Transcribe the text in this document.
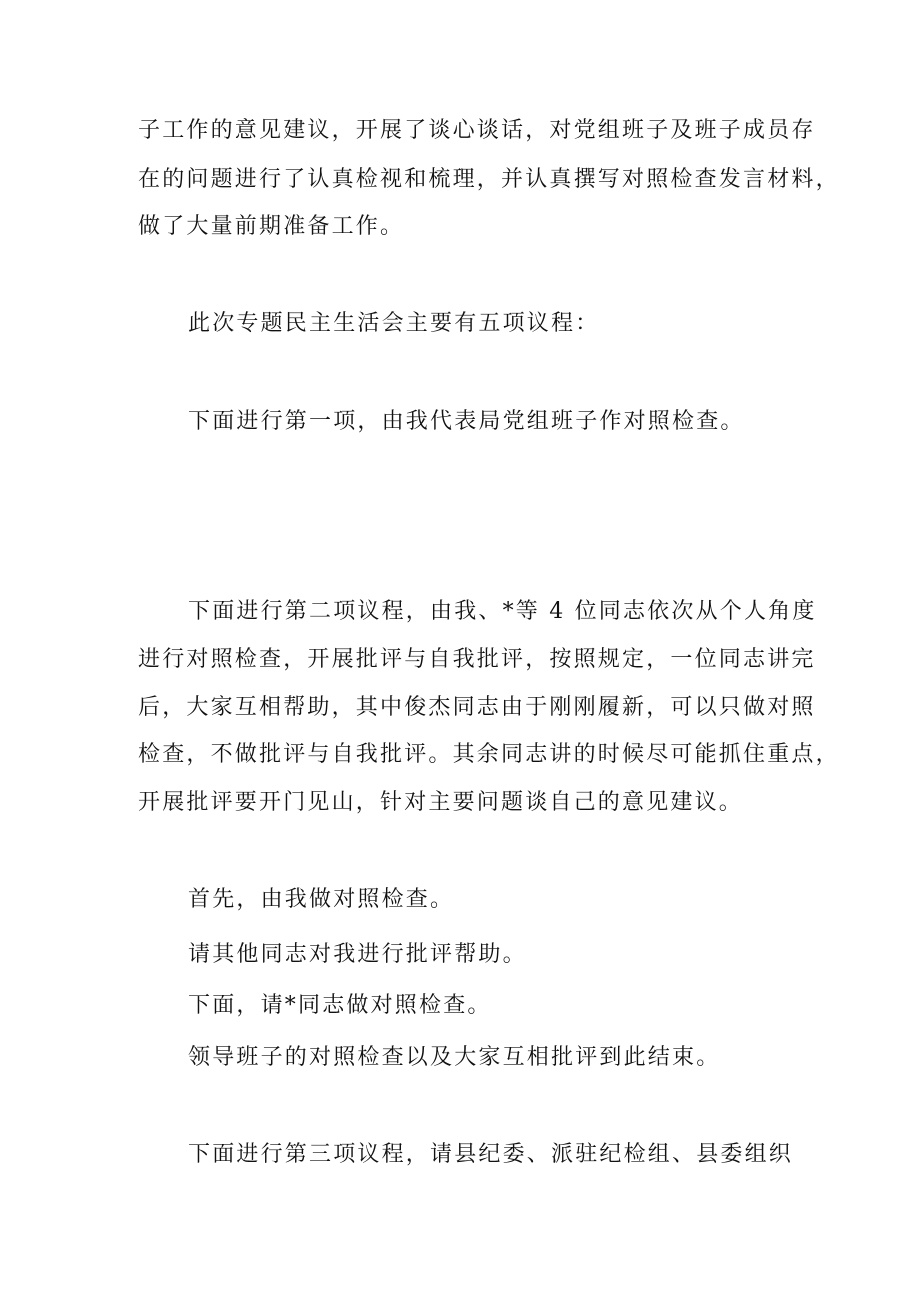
子工作的意见建议，开展了谈心谈话，对党组班子及班子成员存
在的问题进行了认真检视和梳理，并认真撰写对照检查发言材料，
做了大量前期准备工作。
此次专题民主生活会主要有五项议程：
下面进行第一项，由我代表局党组班子作对照检查。
下面进行第二项议程，由我、*等 4 位同志依次从个人角度
进行对照检查，开展批评与自我批评，按照规定，一位同志讲完
后，大家互相帮助，其中俊杰同志由于刚刚履新，可以只做对照
检查，不做批评与自我批评。其余同志讲的时候尽可能抓住重点，
开展批评要开门见山，针对主要问题谈自己的意见建议。
首先，由我做对照检查。
请其他同志对我进行批评帮助。
下面，请*同志做对照检查。
领导班子的对照检查以及大家互相批评到此结束。
下面进行第三项议程，请县纪委、派驻纪检组、县委组织
